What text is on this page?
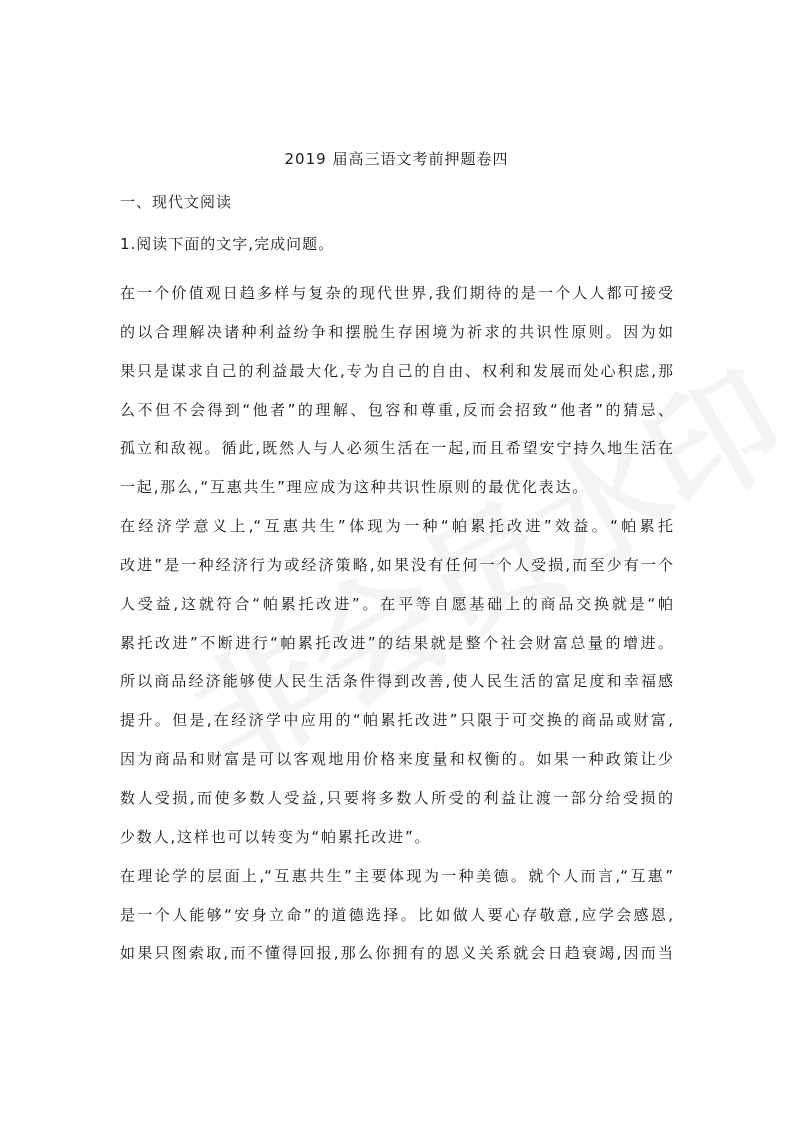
2019 届高三语文考前押题卷四
一、现代文阅读
1.阅读下面的文字,完成问题。
在一个价值观日趋多样与复杂的现代世界,我们期待的是一个人人都可接受
的以合理解决诸种利益纷争和摆脱生存困境为祈求的共识性原则。因为如
果只是谋求自己的利益最大化,专为自己的自由、权利和发展而处心积虑,那
么不但不会得到“他者”的理解、包容和尊重,反而会招致“他者”的猜忌、
孤立和敌视。循此,既然人与人必须生活在一起,而且希望安宁持久地生活在
一起,那么,“互惠共生”理应成为这种共识性原则的最优化表达。
在经济学意义上,“互惠共生”体现为一种“帕累托改进”效益。“帕累托
改进”是一种经济行为或经济策略,如果没有任何一个人受损,而至少有一个
人受益,这就符合“帕累托改进”。在平等自愿基础上的商品交换就是“帕
累托改进”不断进行“帕累托改进”的结果就是整个社会财富总量的增进。
所以商品经济能够使人民生活条件得到改善,使人民生活的富足度和幸福感
提升。但是,在经济学中应用的“帕累托改进”只限于可交换的商品或财富,
因为商品和财富是可以客观地用价格来度量和权衡的。如果一种政策让少
数人受损,而使多数人受益,只要将多数人所受的利益让渡一部分给受损的
少数人,这样也可以转变为“帕累托改进”。
在理论学的层面上,“互惠共生”主要体现为一种美德。就个人而言,“互惠”
是一个人能够“安身立命”的道德选择。比如做人要心存敬意,应学会感恩,
如果只图索取,而不懂得回报,那么你拥有的恩义关系就会日趋衰竭,因而当
